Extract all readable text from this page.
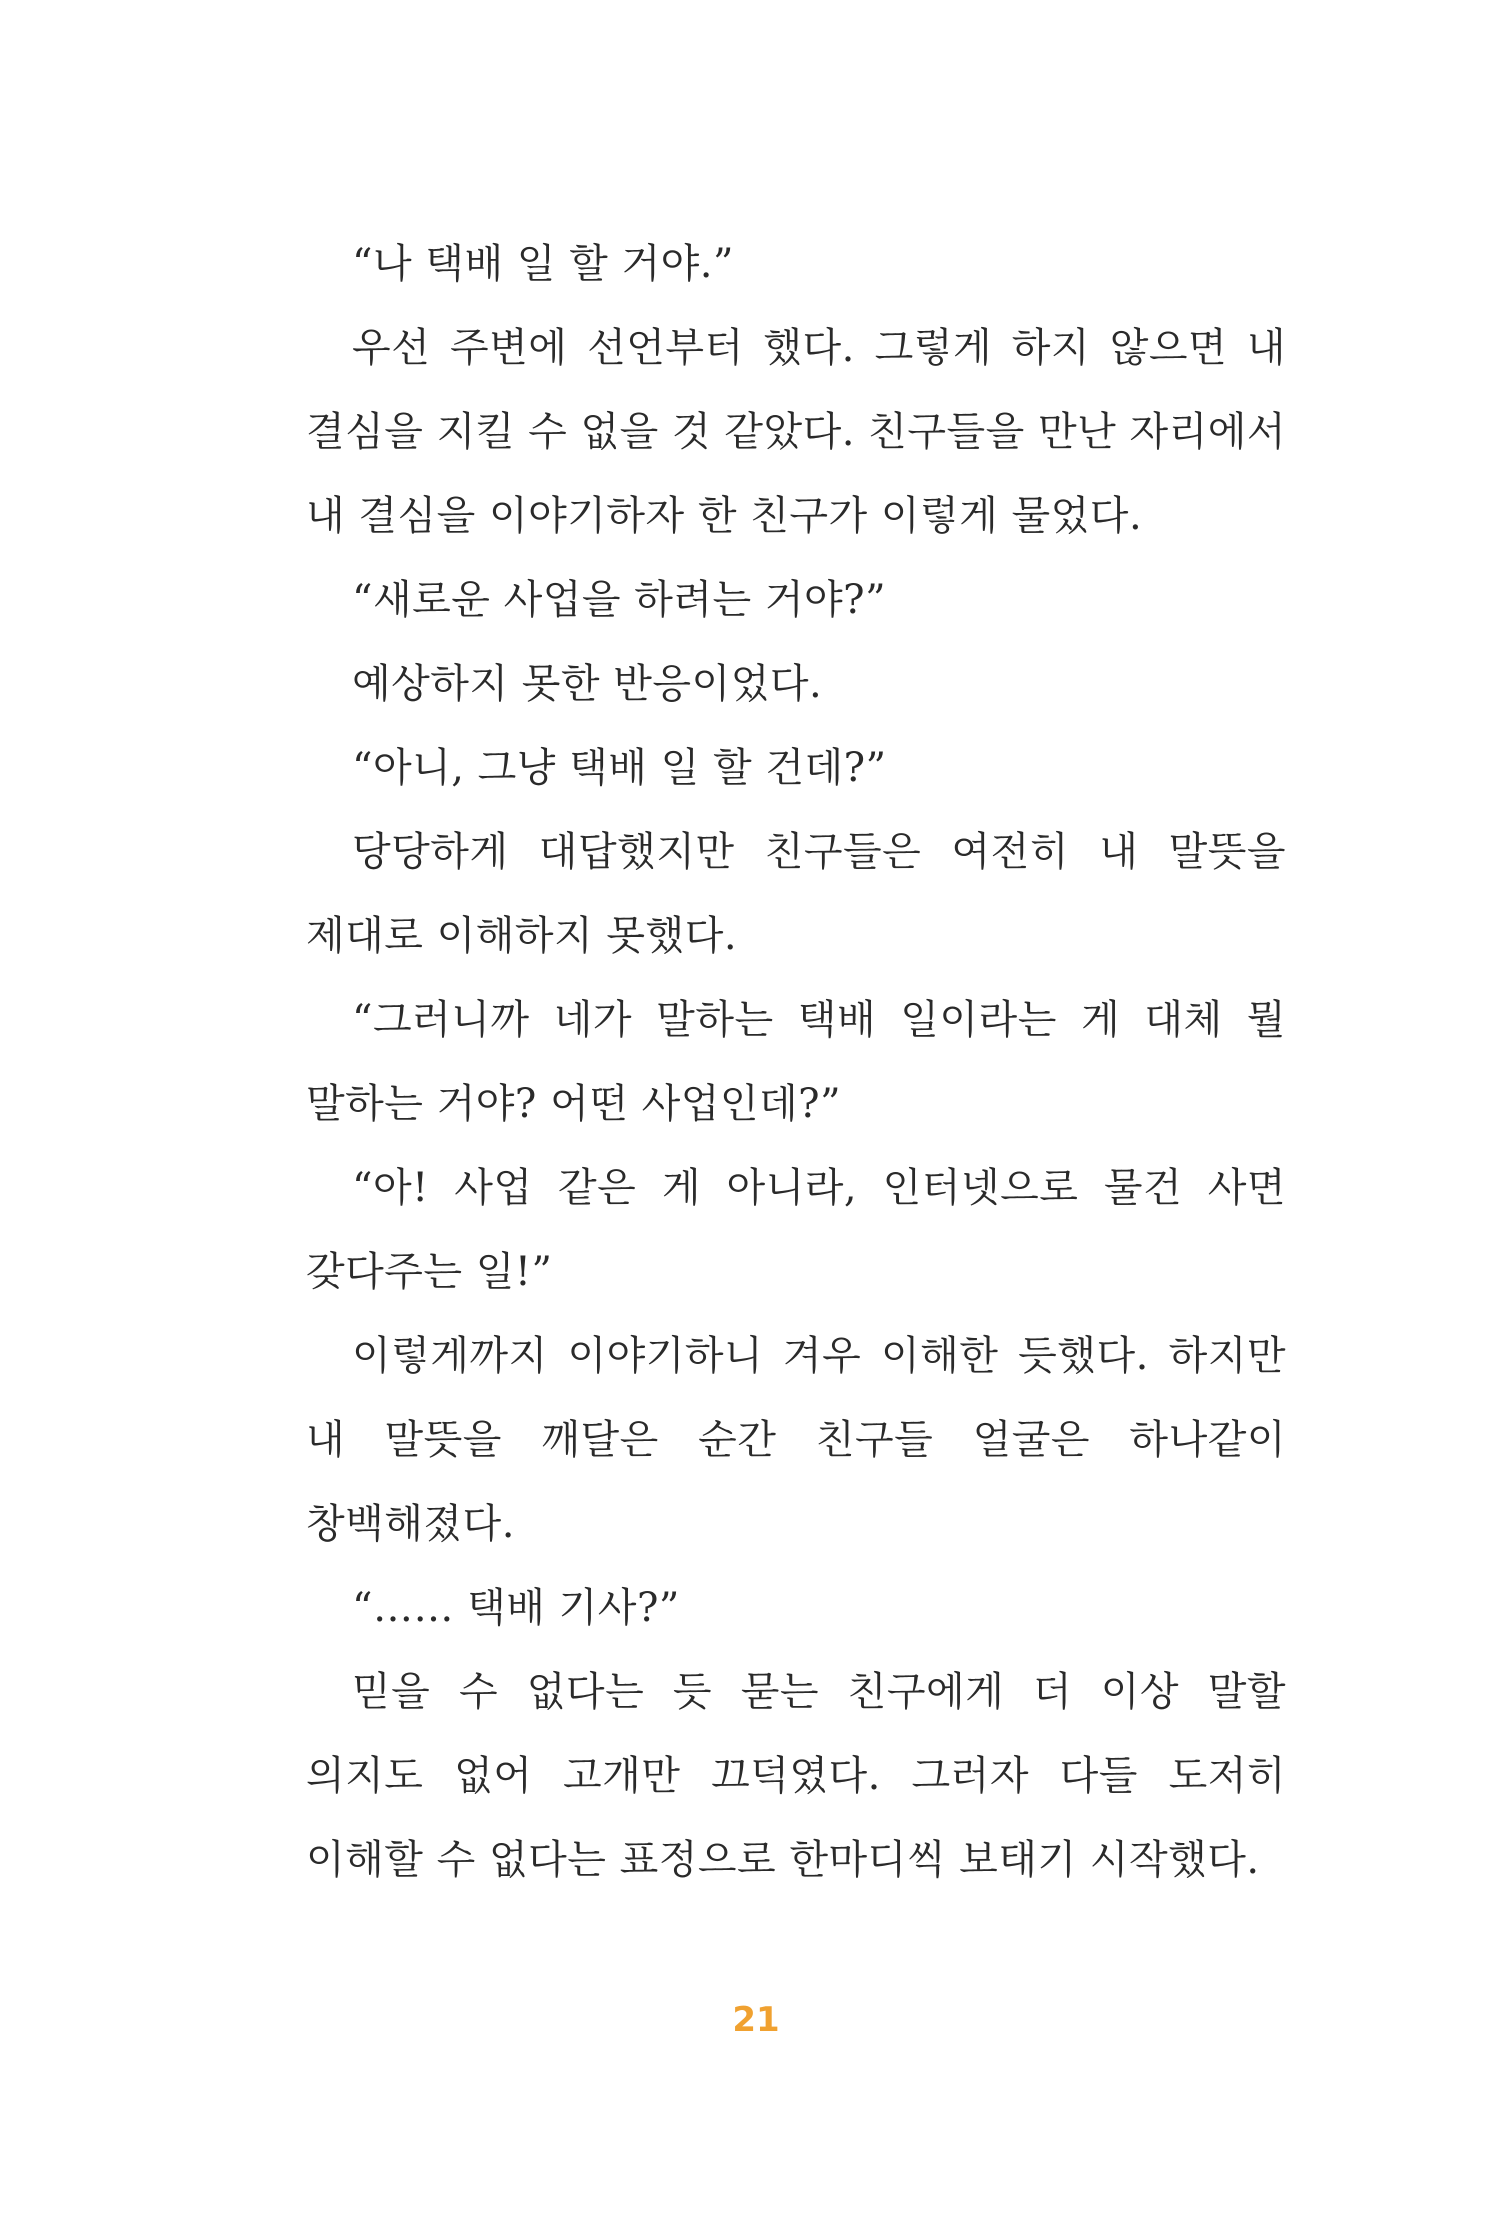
“나 택배 일 할 거야.”

우선 주변에 선언부터 했다. 그렇게 하지 않으면 내 결심을 지킬 수 없을 것 같았다. 친구들을 만난 자리에서 내 결심을 이야기하자 한 친구가 이렇게 물었다.

“새로운 사업을 하려는 거야?”

예상하지 못한 반응이었다.

“아니, 그냥 택배 일 할 건데?”

당당하게 대답했지만 친구들은 여전히 내 말뜻을 제대로 이해하지 못했다.

“그러니까 네가 말하는 택배 일이라는 게 대체 뭘 말하는 거야? 어떤 사업인데?”

“아! 사업 같은 게 아니라, 인터넷으로 물건 사면 갖다주는 일!”

이렇게까지 이야기하니 겨우 이해한 듯했다. 하지만 내 말뜻을 깨달은 순간 친구들 얼굴은 하나같이 창백해졌다.

“…… 택배 기사?”

믿을 수 없다는 듯 묻는 친구에게 더 이상 말할 의지도 없어 고개만 끄덕였다. 그러자 다들 도저히 이해할 수 없다는 표정으로 한마디씩 보태기 시작했다.

21
